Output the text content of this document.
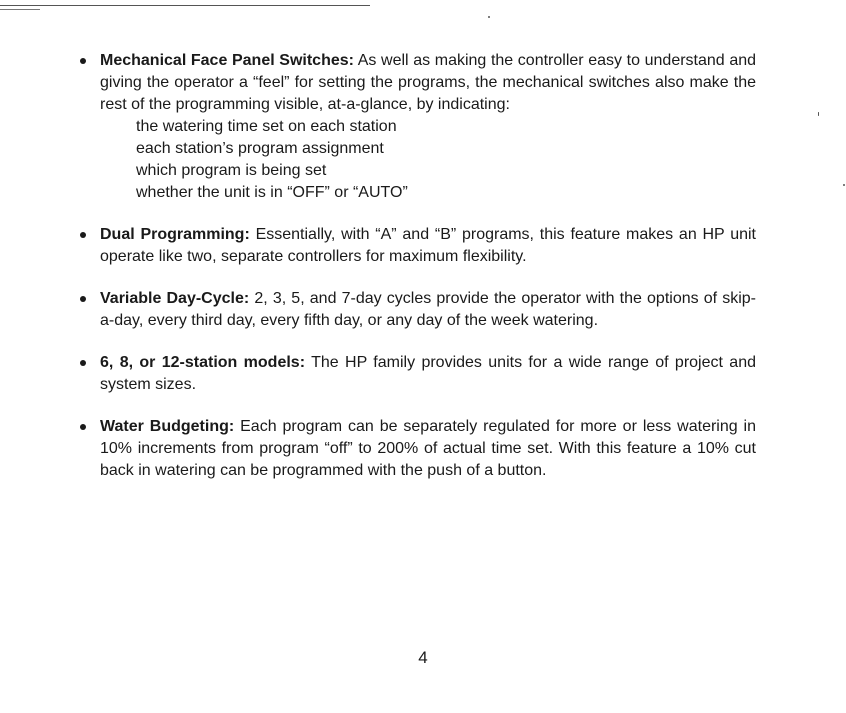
Mechanical Face Panel Switches: As well as making the controller easy to understand and giving the operator a “feel” for setting the programs, the mechanical switches also make the rest of the programming visible, at-a-glance, by indicating:
the watering time set on each station
each station’s program assignment
which program is being set
whether the unit is in “OFF” or “AUTO”
Dual Programming: Essentially, with “A” and “B” programs, this feature makes an HP unit operate like two, separate controllers for maximum flexibility.
Variable Day-Cycle: 2, 3, 5, and 7-day cycles provide the operator with the options of skip-a-day, every third day, every fifth day, or any day of the week watering.
6, 8, or 12-station models: The HP family provides units for a wide range of project and system sizes.
Water Budgeting: Each program can be separately regulated for more or less watering in 10% increments from program “off” to 200% of actual time set. With this feature a 10% cut back in watering can be programmed with the push of a button.
4
